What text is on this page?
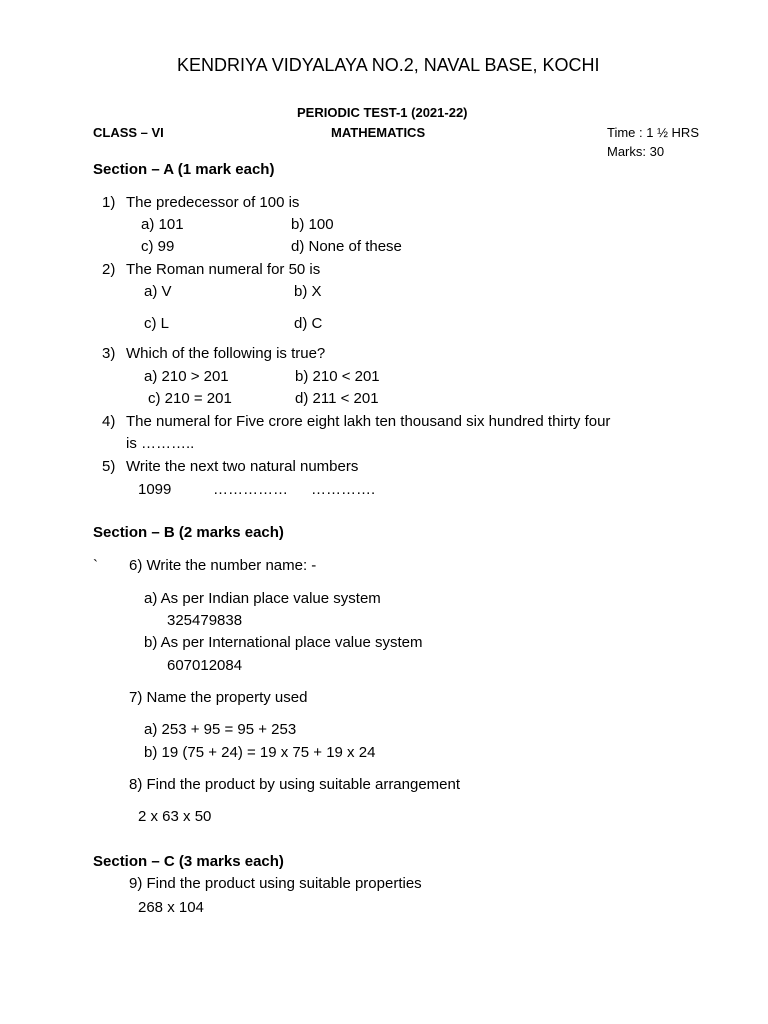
KENDRIYA VIDYALAYA NO.2, NAVAL BASE, KOCHI
PERIODIC TEST-1 (2021-22)
CLASS – VI	MATHEMATICS	Time : 1 ½ HRS
Marks: 30
Section – A (1 mark each)
1) The predecessor of 100 is
a) 101	b) 100
c) 99	d) None of these
2) The Roman numeral for 50 is
a) V	b) X
c) L	d) C
3) Which of the following is true?
a) 210 > 201	b) 210 < 201
c) 210 = 201	d) 211 < 201
4) The numeral for Five crore eight lakh ten thousand six hundred thirty four
is ………..
5) Write the next two natural numbers
1099	…………… ………….
Section – B (2 marks each)
` 6) Write the number name: -
a) As per Indian place value system
325479838
b) As per International place value system
607012084
7) Name the property used
a) 253 + 95 = 95 + 253
b) 19 (75 + 24) = 19 x 75 + 19 x 24
8) Find the product by using suitable arrangement
2 x 63 x 50
Section – C (3 marks each)
9) Find the product using suitable properties
268 x 104
